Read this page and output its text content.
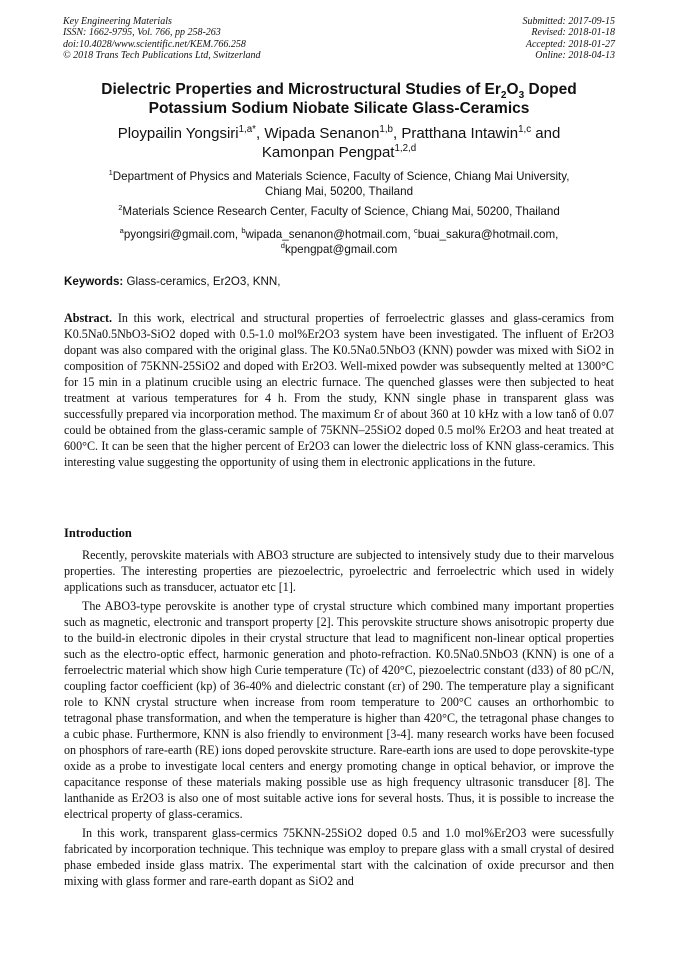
Key Engineering Materials
ISSN: 1662-9795, Vol. 766, pp 258-263
doi:10.4028/www.scientific.net/KEM.766.258
© 2018 Trans Tech Publications Ltd, Switzerland
Submitted: 2017-09-15
Revised: 2018-01-18
Accepted: 2018-01-27
Online: 2018-04-13
Dielectric Properties and Microstructural Studies of $Er_2O_3$ Doped
Potassium Sodium Niobate Silicate Glass-Ceramics
Ploypailin Yongsiri$^{1,a*}$, Wipada Senanon$^{1,b}$, Pratthana Intawin$^{1,c}$ and
Kamonpan Pengpat$^{1,2,d}$
$^1$Department of Physics and Materials Science, Faculty of Science, Chiang Mai University,
Chiang Mai, 50200, Thailand
$^2$Materials Science Research Center, Faculty of Science, Chiang Mai, 50200, Thailand
$^a$pyongsiri@gmail.com, $^b$wipada_senanon@hotmail.com, $^c$buai_sakura@hotmail.com,
$^d$kpengpat@gmail.com
Keywords: Glass-ceramics, Er2O3, KNN,
Abstract. In this work, electrical and structural properties of ferroelectric glasses and glass-ceramics from K0.5Na0.5NbO3-SiO2 doped with 0.5-1.0 mol%Er2O3 system have been investigated. The influent of Er2O3 dopant was also compared with the original glass. The K0.5Na0.5NbO3 (KNN) powder was mixed with SiO2 in composition of 75KNN-25SiO2 and doped with Er2O3. Well-mixed powder was subsequently melted at 1300°C for 15 min in a platinum crucible using an electric furnace. The quenched glasses were then subjected to heat treatment at various temperatures for 4 h. From the study, KNN single phase in transparent glass was successfully prepared via incorporation method. The maximum Ɛr of about 360 at 10 kHz with a low tanδ of 0.07 could be obtained from the glass-ceramic sample of 75KNN–25SiO2 doped 0.5 mol% Er2O3 and heat treated at 600°C. It can be seen that the higher percent of Er2O3 can lower the dielectric loss of KNN glass-ceramics. This interesting value suggesting the opportunity of using them in electronic applications in the future.
Introduction

Recently, perovskite materials with ABO3 structure are subjected to intensively study due to their marvelous properties. The interesting properties are piezoelectric, pyroelectric and ferroelectric which used in widely applications such as transducer, actuator etc [1].

The ABO3-type perovskite is another type of crystal structure which combined many important properties such as magnetic, electronic and transport property [2]. This perovskite structure shows anisotropic property due to the build-in electronic dipoles in their crystal structure that lead to magnificent non-linear optical properties such as the electro-optic effect, harmonic generation and photo-refraction. K0.5Na0.5NbO3 (KNN) is one of a ferroelectric material which show high Curie temperature (Tc) of 420°C, piezoelectric constant (d33) of 80 pC/N, coupling factor coefficient (kp) of 36-40% and dielectric constant (εr) of 290. The temperature play a significant role to KNN crystal structure when increase from room temperature to 200°C causes an orthorhombic to tetragonal phase transformation, and when the temperature is higher than 420°C, the tetragonal phase changes to a cubic phase. Furthermore, KNN is also friendly to environment [3-4]. many research works have been focused on phosphors of rare-earth (RE) ions doped perovskite structure. Rare-earth ions are used to dope perovskite-type oxide as a probe to investigate local centers and energy promoting change in optical behavior, or improve the capacitance response of these materials making possible use as high frequency ultrasonic transducer [8]. The lanthanide as Er2O3 is also one of most suitable active ions for several hosts. Thus, it is possible to increase the electrical property of glass-ceramics.

In this work, transparent glass-cermics 75KNN-25SiO2 doped 0.5 and 1.0 mol%Er2O3 were sucessfully fabricated by incorporation technique. This technique was employ to prepare glass with a small crystal of desired phase embeded inside glass matrix. The experimental start with the calcination of oxide precursor and then mixing with glass former and rare-earth dopant as SiO2 and
